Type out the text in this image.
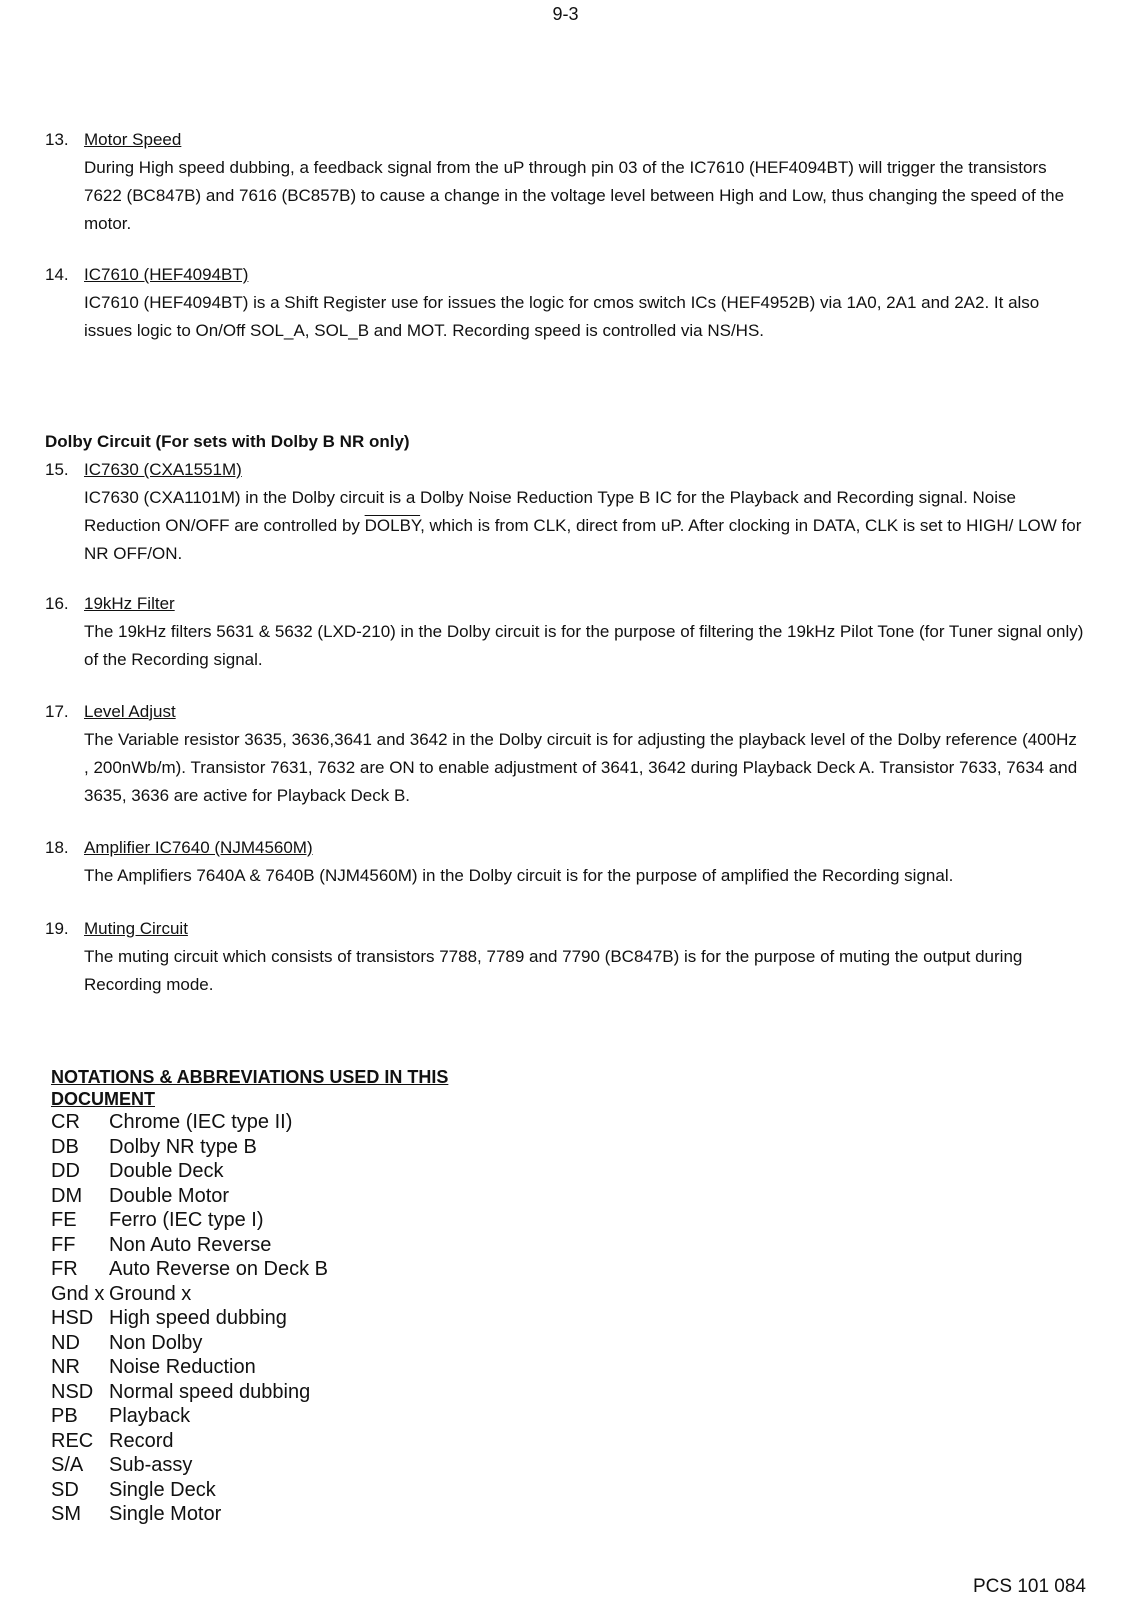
9-3
13. Motor Speed
During High speed dubbing, a feedback signal from the uP through pin 03 of the IC7610 (HEF4094BT) will trigger the transistors 7622 (BC847B) and 7616 (BC857B) to cause a change in the voltage level between High and Low, thus changing the speed of the motor.
14. IC7610 (HEF4094BT)
IC7610 (HEF4094BT) is a Shift Register use for issues the logic for cmos switch ICs (HEF4952B) via 1A0, 2A1 and 2A2. It also issues logic to On/Off SOL_A, SOL_B and MOT. Recording speed is controlled via NS/HS.
Dolby Circuit (For sets with Dolby B NR only)
15. IC7630 (CXA1551M)
IC7630 (CXA1101M) in the Dolby circuit is a Dolby Noise Reduction Type B IC for the Playback and Recording signal. Noise Reduction ON/OFF are controlled by DOLBY, which is from CLK, direct from uP. After clocking in DATA, CLK is set to HIGH/ LOW for NR OFF/ON.
16. 19kHz Filter
The 19kHz filters 5631 & 5632 (LXD-210) in the Dolby circuit is for the purpose of filtering the 19kHz Pilot Tone (for Tuner signal only) of the Recording signal.
17. Level Adjust
The Variable resistor 3635, 3636,3641 and 3642 in the Dolby circuit is for adjusting the playback level of the Dolby reference (400Hz , 200nWb/m). Transistor 7631, 7632 are ON to enable adjustment of 3641, 3642 during Playback Deck A. Transistor 7633, 7634 and 3635, 3636 are active for Playback Deck B.
18. Amplifier IC7640 (NJM4560M)
The Amplifiers 7640A & 7640B (NJM4560M) in the Dolby circuit is for the purpose of amplified the Recording signal.
19. Muting Circuit
The muting circuit which consists of transistors 7788, 7789 and 7790 (BC847B) is for the purpose of muting the output during Recording mode.
NOTATIONS & ABBREVIATIONS USED IN THIS DOCUMENT
CR	Chrome (IEC type II)
DB	Dolby NR type B
DD	Double Deck
DM	Double Motor
FE	Ferro (IEC type I)
FF	Non Auto Reverse
FR	Auto Reverse on Deck B
Gnd x Ground x
HSD High speed dubbing
ND	Non Dolby
NR	Noise Reduction
NSD Normal speed dubbing
PB	Playback
REC Record
S/A	Sub-assy
SD	Single Deck
SM	Single Motor
PCS 101 084
